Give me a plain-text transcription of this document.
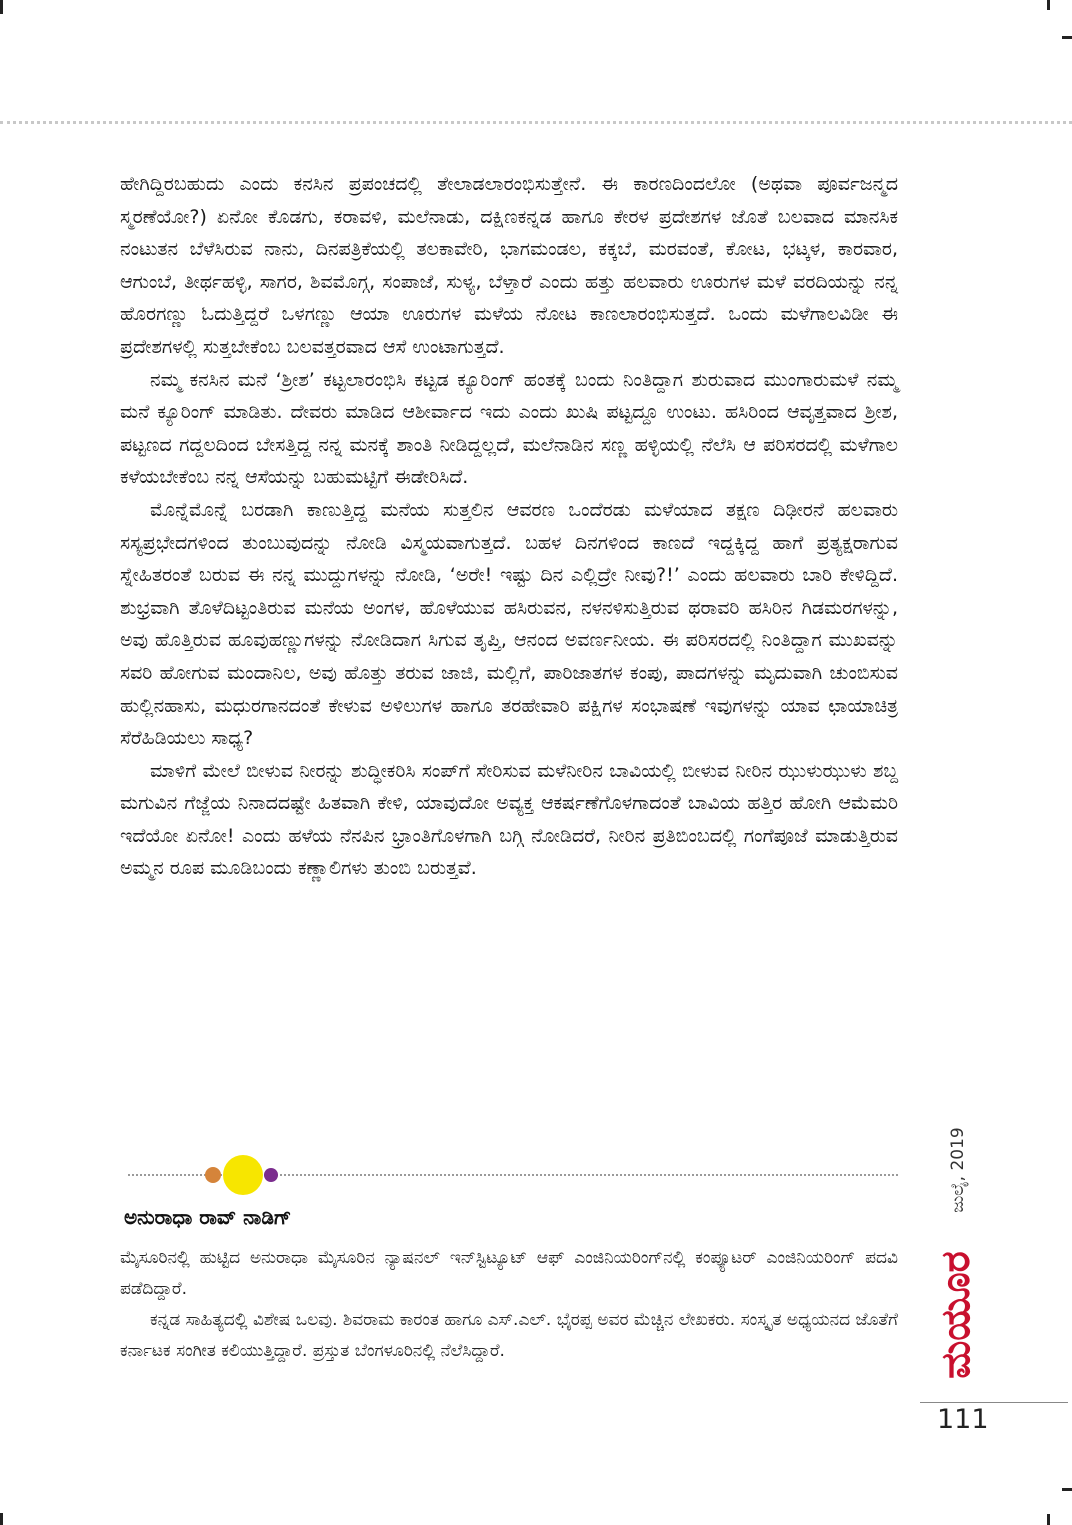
ಹೇಗಿದ್ದಿರಬಹುದು ಎಂದು ಕನಸಿನ ಪ್ರಪಂಚದಲ್ಲಿ ತೇಲಾಡಲಾರಂಭಿಸುತ್ತೇನೆ. ಈ ಕಾರಣದಿಂದಲೋ (ಅಥವಾ ಪೂರ್ವಜನ್ಮದ ಸ್ಮರಣೆಯೋ?) ಏನೋ ಕೊಡಗು, ಕರಾವಳಿ, ಮಲೆನಾಡು, ದಕ್ಷಿಣಕನ್ನಡ ಹಾಗೂ ಕೇರಳ ಪ್ರದೇಶಗಳ ಜೊತೆ ಬಲವಾದ ಮಾನಸಿಕ ನಂಟುತನ ಬೆಳೆಸಿರುವ ನಾನು, ದಿನಪತ್ರಿಕೆಯಲ್ಲಿ ತಲಕಾವೇರಿ, ಭಾಗಮಂಡಲ, ಕಕ್ಕಬೆ, ಮರವಂತೆ, ಕೋಟ, ಭಟ್ಕಳ, ಕಾರವಾರ, ಆಗುಂಬೆ, ತೀರ್ಥಹಳ್ಳಿ, ಸಾಗರ, ಶಿವಮೊಗ್ಗ, ಸಂಪಾಜೆ, ಸುಳ್ಯ, ಬೆಳ್ತಾರೆ ಎಂದು ಹತ್ತು ಹಲವಾರು ಊರುಗಳ ಮಳೆ ವರದಿಯನ್ನು ನನ್ನ ಹೊರಗಣ್ಣು ಓದುತ್ತಿದ್ದರೆ ಒಳಗಣ್ಣು ಆಯಾ ಊರುಗಳ ಮಳೆಯ ನೋಟ ಕಾಣಲಾರಂಭಿಸುತ್ತದೆ. ಒಂದು ಮಳೆಗಾಲವಿಡೀ ಈ ಪ್ರದೇಶಗಳಲ್ಲಿ ಸುತ್ತಬೇಕೆಂಬ ಬಲವತ್ತರವಾದ ಆಸೆ ಉಂಟಾಗುತ್ತದೆ.

ನಮ್ಮ ಕನಸಿನ ಮನೆ ‘ಶ್ರೀಶ’ ಕಟ್ಟಲಾರಂಭಿಸಿ ಕಟ್ಟಡ ಕ್ಯೂರಿಂಗ್ ಹಂತಕ್ಕೆ ಬಂದು ನಿಂತಿದ್ದಾಗ ಶುರುವಾದ ಮುಂಗಾರುಮಳೆ ನಮ್ಮ ಮನೆ ಕ್ಯೂರಿಂಗ್ ಮಾಡಿತು. ದೇವರು ಮಾಡಿದ ಆಶೀರ್ವಾದ ಇದು ಎಂದು ಖುಷಿ ಪಟ್ಟದ್ದೂ ಉಂಟು. ಹಸಿರಿಂದ ಆವೃತ್ತವಾದ ಶ್ರೀಶ, ಪಟ್ಟಣದ ಗದ್ದಲದಿಂದ ಬೇಸತ್ತಿದ್ದ ನನ್ನ ಮನಕ್ಕೆ ಶಾಂತಿ ನೀಡಿದ್ದಲ್ಲದೆ, ಮಲೆನಾಡಿನ ಸಣ್ಣ ಹಳ್ಳಿಯಲ್ಲಿ ನೆಲೆಸಿ ಆ ಪರಿಸರದಲ್ಲಿ ಮಳೆಗಾಲ ಕಳೆಯಬೇಕೆಂಬ ನನ್ನ ಆಸೆಯನ್ನು ಬಹುಮಟ್ಟಿಗೆ ಈಡೇರಿಸಿದೆ.

ಮೊನ್ನೆಮೊನ್ನೆ ಬರಡಾಗಿ ಕಾಣುತ್ತಿದ್ದ ಮನೆಯ ಸುತ್ತಲಿನ ಆವರಣ ಒಂದೆರಡು ಮಳೆಯಾದ ತಕ್ಷಣ ದಿಢೀರನೆ ಹಲವಾರು ಸಸ್ಯಪ್ರಭೇದಗಳಿಂದ ತುಂಬುವುದನ್ನು ನೋಡಿ ವಿಸ್ಮಯವಾಗುತ್ತದೆ. ಬಹಳ ದಿನಗಳಿಂದ ಕಾಣದೆ ಇದ್ದಕ್ಕಿದ್ದ ಹಾಗೆ ಪ್ರತ್ಯಕ್ಷರಾಗುವ ಸ್ನೇಹಿತರಂತೆ ಬರುವ ಈ ನನ್ನ ಮುದ್ದುಗಳನ್ನು ನೋಡಿ, ‘ಅರೇ! ಇಷ್ಟು ದಿನ ಎಲ್ಲಿದ್ರೇ ನೀವು?!’ ಎಂದು ಹಲವಾರು ಬಾರಿ ಕೇಳಿದ್ದಿದೆ. ಶುಭ್ರವಾಗಿ ತೊಳೆದಿಟ್ಟಂತಿರುವ ಮನೆಯ ಅಂಗಳ, ಹೊಳೆಯುವ ಹಸಿರುವನ, ನಳನಳಿಸುತ್ತಿರುವ ಥರಾವರಿ ಹಸಿರಿನ ಗಿಡಮರಗಳನ್ನು, ಅವು ಹೊತ್ತಿರುವ ಹೂವುಹಣ್ಣುಗಳನ್ನು ನೋಡಿದಾಗ ಸಿಗುವ ತೃಪ್ತಿ, ಆನಂದ ಅವರ್ಣನೀಯ. ಈ ಪರಿಸರದಲ್ಲಿ ನಿಂತಿದ್ದಾಗ ಮುಖವನ್ನು ಸವರಿ ಹೋಗುವ ಮಂದಾನಿಲ, ಅವು ಹೊತ್ತು ತರುವ ಜಾಜಿ, ಮಲ್ಲಿಗೆ, ಪಾರಿಜಾತಗಳ ಕಂಪು, ಪಾದಗಳನ್ನು ಮೃದುವಾಗಿ ಚುಂಬಿಸುವ ಹುಲ್ಲಿನಹಾಸು, ಮಧುರಗಾನದಂತೆ ಕೇಳುವ ಅಳಿಲುಗಳ ಹಾಗೂ ತರಹೇವಾರಿ ಪಕ್ಷಿಗಳ ಸಂಭಾಷಣೆ ಇವುಗಳನ್ನು ಯಾವ ಛಾಯಾಚಿತ್ರ ಸೆರೆಹಿಡಿಯಲು ಸಾಧ್ಯ?

ಮಾಳಿಗೆ ಮೇಲೆ ಬೀಳುವ ನೀರನ್ನು ಶುದ್ಧೀಕರಿಸಿ ಸಂಪ್‌ಗೆ ಸೇರಿಸುವ ಮಳೆನೀರಿನ ಬಾವಿಯಲ್ಲಿ ಬೀಳುವ ನೀರಿನ ಝುಳುಝುಳು ಶಬ್ದ ಮಗುವಿನ ಗೆಜ್ಜೆಯ ನಿನಾದದಷ್ಟೇ ಹಿತವಾಗಿ ಕೇಳಿ, ಯಾವುದೋ ಅವ್ಯಕ್ತ ಆಕರ್ಷಣೆಗೊಳಗಾದಂತೆ ಬಾವಿಯ ಹತ್ತಿರ ಹೋಗಿ ಆಮೆಮರಿ ಇದೆಯೋ ಏನೋ! ಎಂದು ಹಳೆಯ ನೆನಪಿನ ಭ್ರಾಂತಿಗೊಳಗಾಗಿ ಬಗ್ಗಿ ನೋಡಿದರೆ, ನೀರಿನ ಪ್ರತಿಬಿಂಬದಲ್ಲಿ ಗಂಗೆಪೂಜೆ ಮಾಡುತ್ತಿರುವ ಅಮ್ಮನ ರೂಪ ಮೂಡಿಬಂದು ಕಣ್ಣಾಲಿಗಳು ತುಂಬಿ ಬರುತ್ತವೆ.

ಅನುರಾಧಾ ರಾವ್ ನಾಡಿಗ್

ಮೈಸೂರಿನಲ್ಲಿ ಹುಟ್ಟಿದ ಅನುರಾಧಾ ಮೈಸೂರಿನ ನ್ಯಾಷನಲ್ ಇನ್‌ಸ್ಟಿಟ್ಯೂಟ್ ಆಫ್ ಎಂಜಿನಿಯರಿಂಗ್‌ನಲ್ಲಿ ಕಂಪ್ಯೂಟರ್ ಎಂಜಿನಿಯರಿಂಗ್ ಪದವಿ ಪಡೆದಿದ್ದಾರೆ.

ಕನ್ನಡ ಸಾಹಿತ್ಯದಲ್ಲಿ ವಿಶೇಷ ಒಲವು. ಶಿವರಾಮ ಕಾರಂತ ಹಾಗೂ ಎಸ್.ಎಲ್. ಭೈರಪ್ಪ ಅವರ ಮೆಚ್ಚಿನ ಲೇಖಕರು. ಸಂಸ್ಕೃತ ಅಧ್ಯಯನದ ಜೊತೆಗೆ ಕರ್ನಾಟಕ ಸಂಗೀತ ಕಲಿಯುತ್ತಿದ್ದಾರೆ. ಪ್ರಸ್ತುತ ಬೆಂಗಳೂರಿನಲ್ಲಿ ನೆಲೆಸಿದ್ದಾರೆ.

ಜುಲೈ, 2019
ಮಯೂರ
111
